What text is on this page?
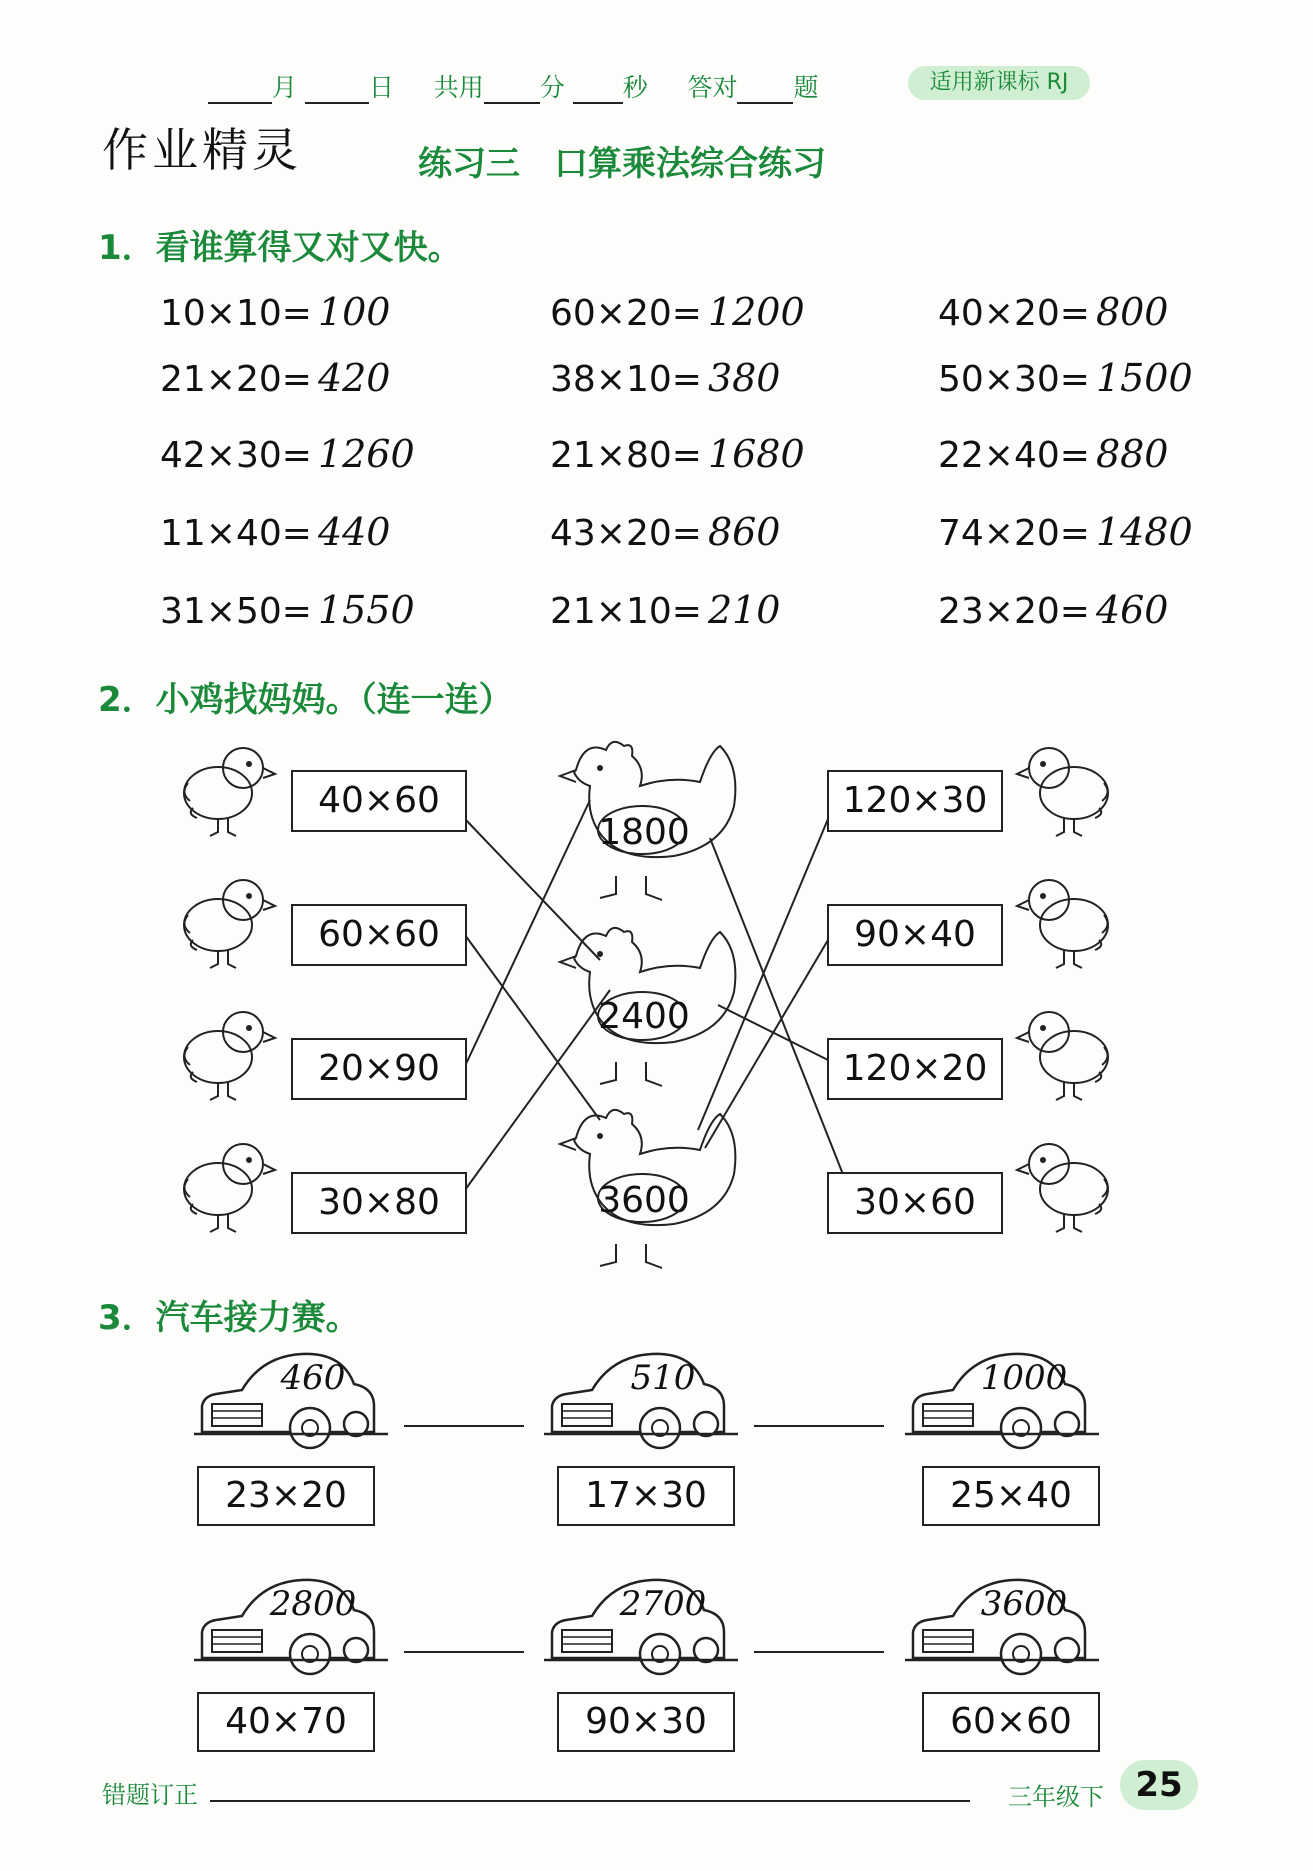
月	日 共用 分 秒 答对 题	适用新课标 RJ
作业精灵	练习三　口算乘法综合练习
1．看谁算得又对又快。
10×10= 100	60×20= 1200	40×20= 800
21×20= 420	38×10= 380	50×30= 1500
42×30= 1260	21×80= 1680	22×40= 880
11×40= 440	43×20= 860	74×20= 1480
31×50= 1550	21×10= 210	23×20= 460
2．小鸡找妈妈。（连一连）
40×60
60×60
20×90
30×80
1800
2400
3600
120×30
90×40
120×20
30×60
3．汽车接力赛。
460	510	1000
2800	2700	3600
23×20	17×30	25×40
40×70	90×30	60×60
错题订正	三年级下 25
